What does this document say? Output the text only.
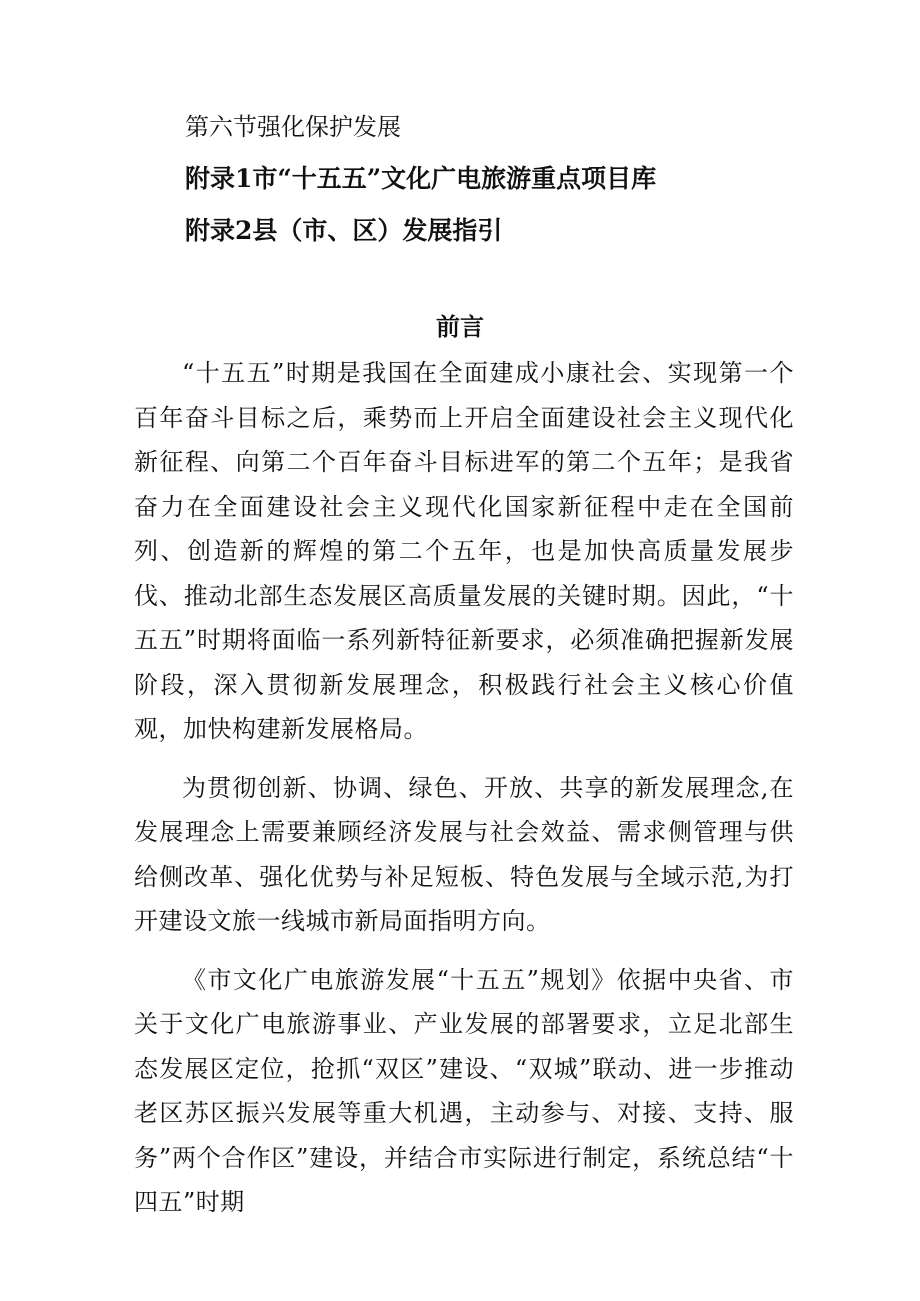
第六节强化保护发展
附录1市“十五五”文化广电旅游重点项目库
附录2县（市、区）发展指引
前言

“十五五”时期是我国在全面建成小康社会、实现第一个百年奋斗目标之后，乘势而上开启全面建设社会主义现代化新征程、向第二个百年奋斗目标进军的第二个五年；是我省奋力在全面建设社会主义现代化国家新征程中走在全国前列、创造新的辉煌的第二个五年，也是加快高质量发展步伐、推动北部生态发展区高质量发展的关键时期。因此，“十五五”时期将面临一系列新特征新要求，必须准确把握新发展阶段，深入贯彻新发展理念，积极践行社会主义核心价值观，加快构建新发展格局。

为贯彻创新、协调、绿色、开放、共享的新发展理念,在发展理念上需要兼顾经济发展与社会效益、需求侧管理与供给侧改革、强化优势与补足短板、特色发展与全域示范,为打开建设文旅一线城市新局面指明方向。

《市文化广电旅游发展“十五五”规划》依据中央省、市关于文化广电旅游事业、产业发展的部署要求，立足北部生态发展区定位，抢抓“双区”建设、“双城”联动、进一步推动老区苏区振兴发展等重大机遇，主动参与、对接、支持、服务”两个合作区”建设，并结合市实际进行制定，系统总结“十四五”时期
